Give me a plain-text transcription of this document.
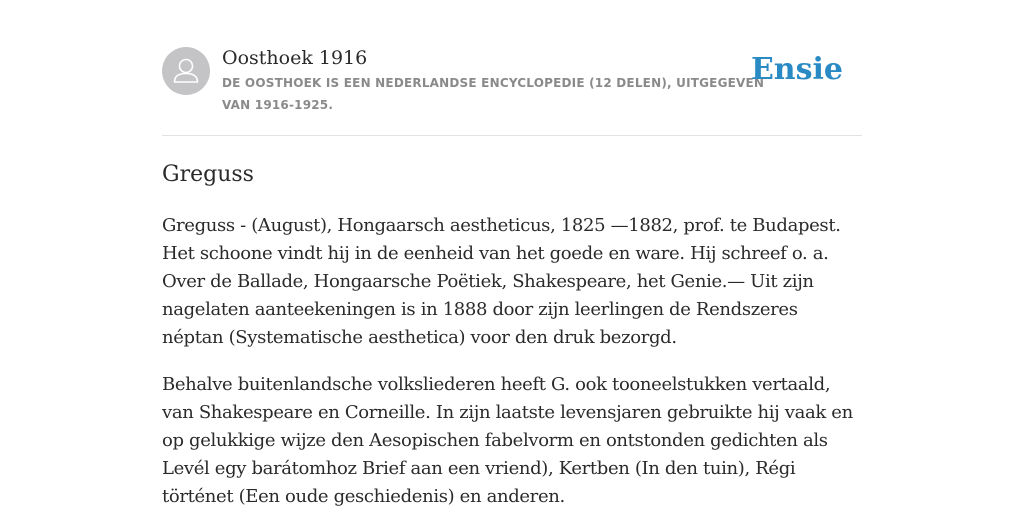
Oosthoek 1916
DE OOSTHOEK IS EEN NEDERLANDSE ENCYCLOPEDIE (12 DELEN), UITGEGEVEN VAN 1916-1925.
Ensie
Greguss

Greguss - (August), Hongaarsch aestheticus, 1825 —1882, prof. te Budapest. Het schoone vindt hij in de eenheid van het goede en ware. Hij schreef o. a. Over de Ballade, Hongaarsche Poëtiek, Shakespeare, het Genie.— Uit zijn nagelaten aanteekeningen is in 1888 door zijn leerlingen de Rendszeres néptan (Systematische aesthetica) voor den druk bezorgd.

Behalve buitenlandsche volksliederen heeft G. ook tooneelstukken vertaald, van Shakespeare en Corneille. In zijn laatste levensjaren gebruikte hij vaak en op gelukkige wijze den Aesopischen fabelvorm en ontstonden gedichten als Levél egy barátomhoz Brief aan een vriend), Kertben (In den tuin), Régi történet (Een oude geschiedenis) en anderen.
